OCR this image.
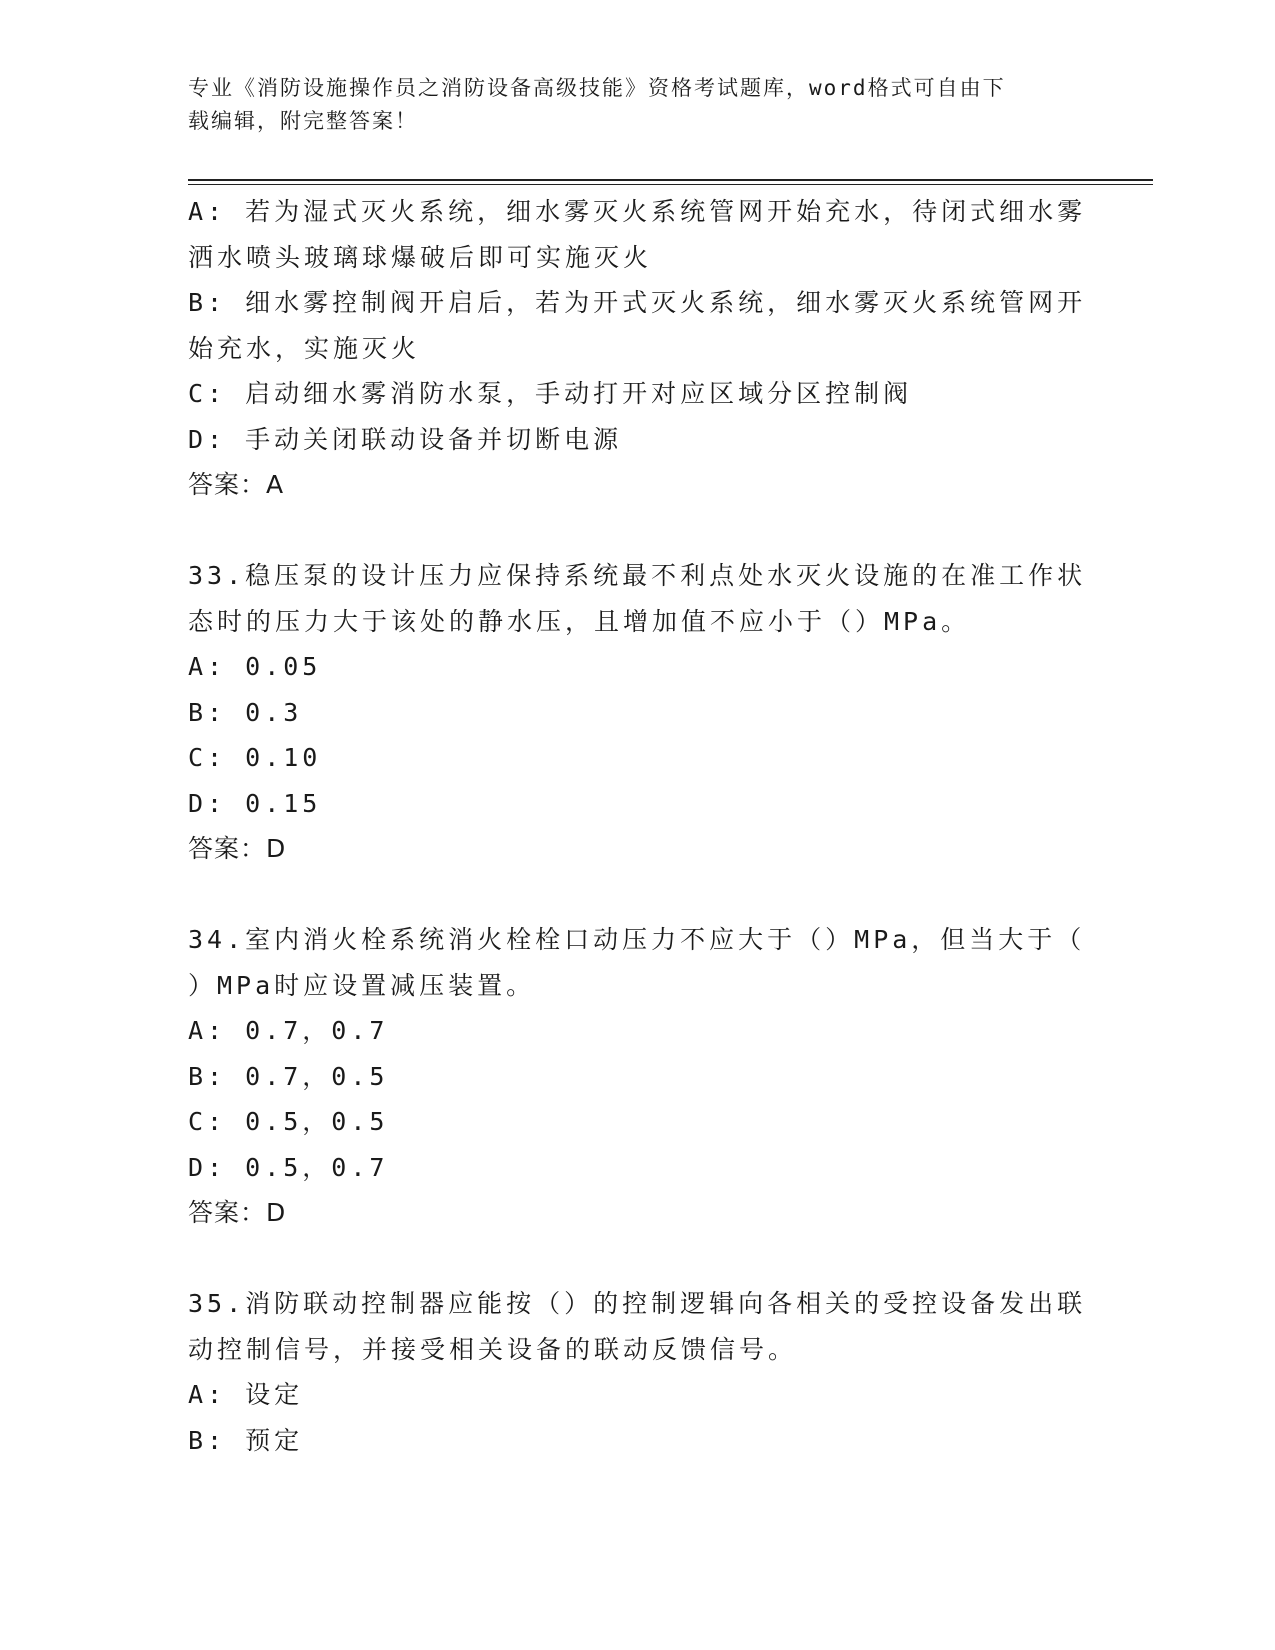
专业《消防设施操作员之消防设备高级技能》资格考试题库，word格式可自由下
载编辑，附完整答案！
A: 若为湿式灭火系统，细水雾灭火系统管网开始充水，待闭式细水雾
洒水喷头玻璃球爆破后即可实施灭火
B: 细水雾控制阀开启后，若为开式灭火系统，细水雾灭火系统管网开
始充水，实施灭火
C: 启动细水雾消防水泵，手动打开对应区域分区控制阀
D: 手动关闭联动设备并切断电源
答案：A
33.稳压泵的设计压力应保持系统最不利点处水灭火设施的在准工作状
态时的压力大于该处的静水压，且增加值不应小于（）MPa。
A: 0.05
B: 0.3
C: 0.10
D: 0.15
答案：D
34.室内消火栓系统消火栓栓口动压力不应大于（）MPa，但当大于（
）MPa时应设置减压装置。
A: 0.7，0.7
B: 0.7，0.5
C: 0.5，0.5
D: 0.5，0.7
答案：D
35.消防联动控制器应能按（）的控制逻辑向各相关的受控设备发出联
动控制信号，并接受相关设备的联动反馈信号。
A: 设定
B: 预定
